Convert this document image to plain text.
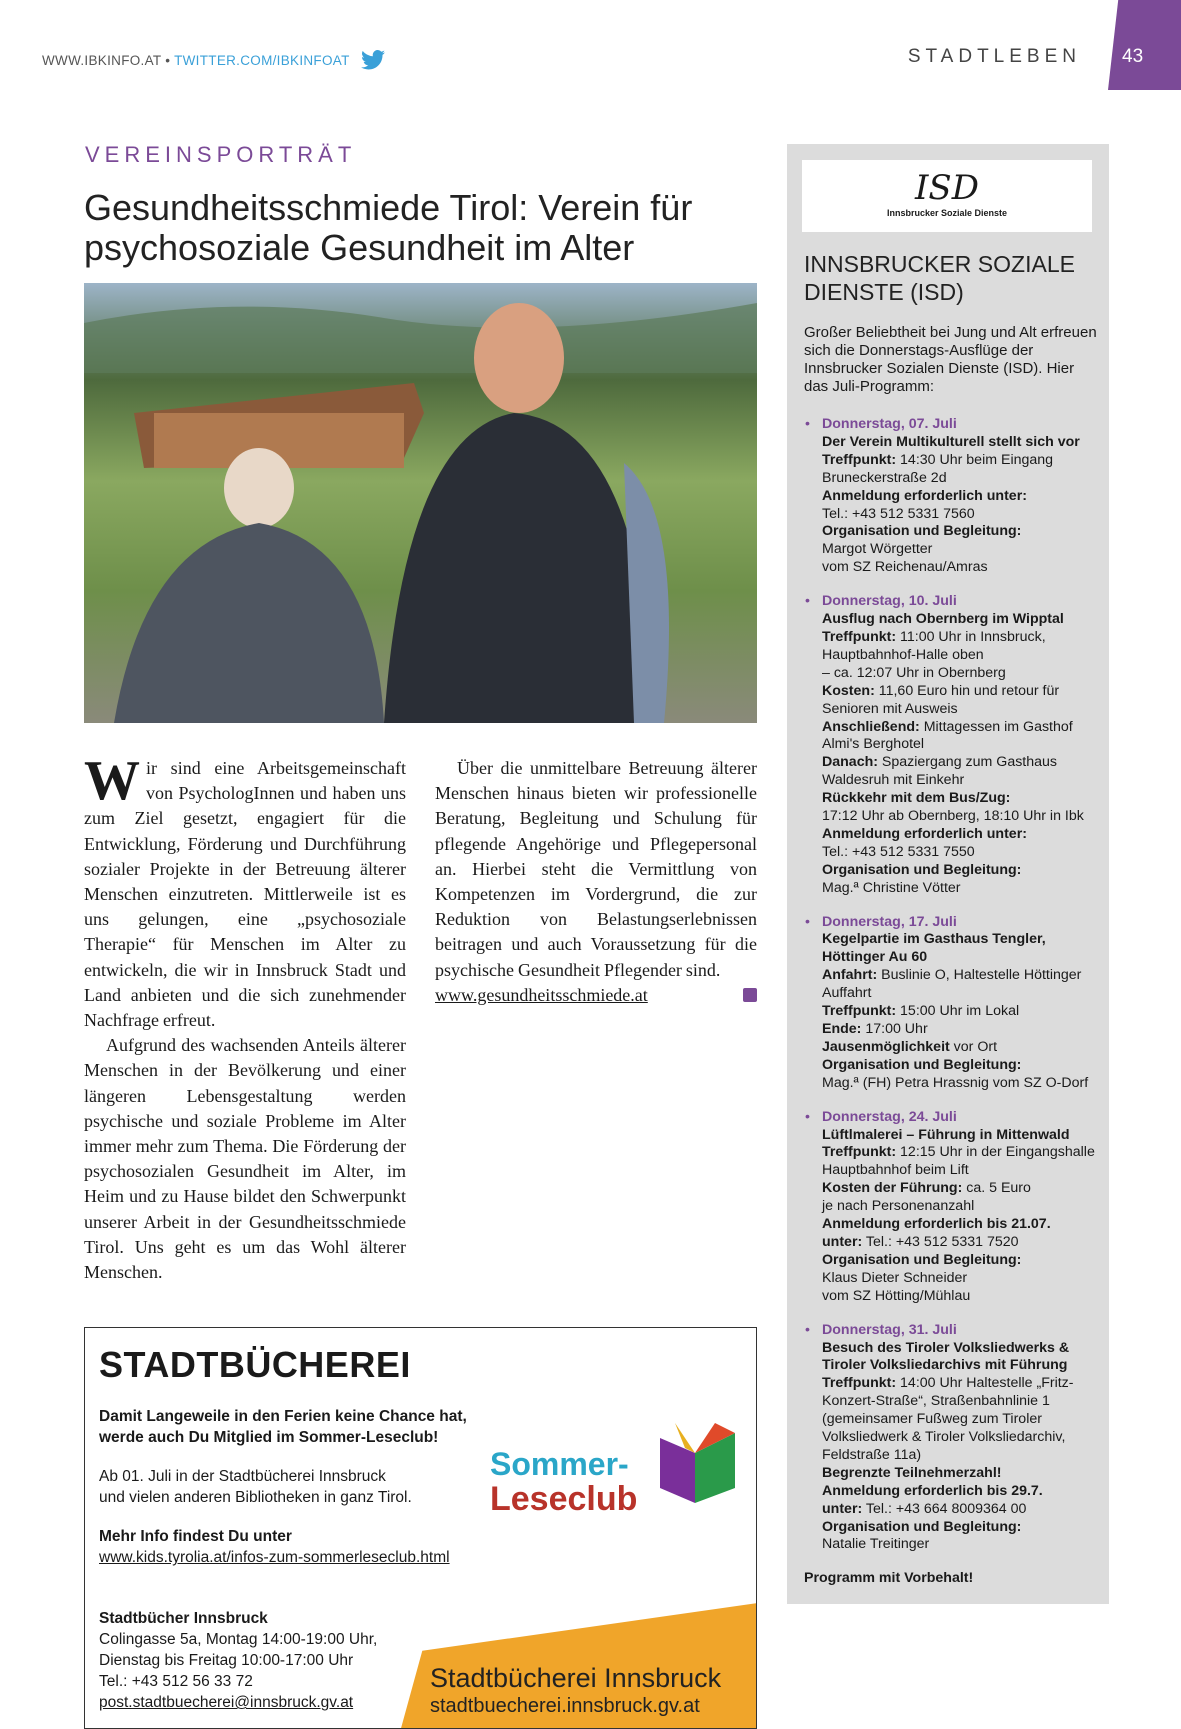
WWW.IBKINFO.AT • TWITTER.COM/IBKINFOAT	STADTLEBEN 43
VEREINSPORTRÄT
Gesundheitsschmiede Tirol: Verein für psychosoziale Gesundheit im Alter

Wir sind eine Arbeitsgemeinschaft von PsychologInnen und haben uns zum Ziel gesetzt, engagiert für die Entwicklung, Förderung und Durchführung sozialer Projekte in der Betreuung älterer Menschen einzutreten. Mittlerweile ist es uns gelungen, eine „psychosoziale Therapie“ für Menschen im Alter zu entwickeln, die wir in Innsbruck Stadt und Land anbieten und die sich zunehmender Nachfrage erfreut.

Aufgrund des wachsenden Anteils älterer Menschen in der Bevölkerung und einer längeren Lebensgestaltung werden psychische und soziale Probleme im Alter immer mehr zum Thema. Die Förderung der psychosozialen Gesundheit im Alter, im Heim und zu Hause bildet den Schwerpunkt unserer Arbeit in der Gesundheitsschmiede Tirol. Uns geht es um das Wohl älterer Menschen.

Über die unmittelbare Betreuung älterer Menschen hinaus bieten wir professionelle Beratung, Begleitung und Schulung für pflegende Angehörige und Pflegepersonal an. Hierbei steht die Vermittlung von Kompetenzen im Vordergrund, die zur Reduktion von Belastungserlebnissen beitragen und auch Voraussetzung für die psychische Gesundheit Pflegender sind.

www.gesundheitsschmiede.at

STADTBÜCHEREI
Damit Langeweile in den Ferien keine Chance hat,
werde auch Du Mitglied im Sommer-Leseclub!
Ab 01. Juli in der Stadtbücherei Innsbruck
und vielen anderen Bibliotheken in ganz Tirol.
Mehr Info findest Du unter
www.kids.tyrolia.at/infos-zum-sommerleseclub.html
Stadtbücher Innsbruck
Colingasse 5a, Montag 14:00-19:00 Uhr,
Dienstag bis Freitag 10:00-17:00 Uhr
Tel.: +43 512 56 33 72
post.stadtbuecherei@innsbruck.gv.at
Sommer-
Leseclub
Stadtbücherei Innsbruck
stadtbuecherei.innsbruck.gv.at
ISD
Innsbrucker Soziale Dienste
INNSBRUCKER SOZIALE DIENSTE (ISD)
Großer Beliebtheit bei Jung und Alt erfreuen sich die Donnerstags-Ausflüge der Innsbrucker Sozialen Dienste (ISD). Hier das Juli-Programm:
• Donnerstag, 07. Juli
Der Verein Multikulturell stellt sich vor
Treffpunkt: 14:30 Uhr beim Eingang Bruneckerstraße 2d
Anmeldung erforderlich unter:
Tel.: +43 512 5331 7560
Organisation und Begleitung:
Margot Wörgetter
vom SZ Reichenau/Amras
• Donnerstag, 10. Juli
Ausflug nach Obernberg im Wipptal
Treffpunkt: 11:00 Uhr in Innsbruck, Hauptbahnhof-Halle oben
– ca. 12:07 Uhr in Obernberg
Kosten: 11,60 Euro hin und retour für Senioren mit Ausweis
Anschließend: Mittagessen im Gasthof Almi's Berghotel
Danach: Spaziergang zum Gasthaus Waldesruh mit Einkehr
Rückkehr mit dem Bus/Zug:
17:12 Uhr ab Obernberg, 18:10 Uhr in Ibk
Anmeldung erforderlich unter:
Tel.: +43 512 5331 7550
Organisation und Begleitung:
Mag.ª Christine Vötter
• Donnerstag, 17. Juli
Kegelpartie im Gasthaus Tengler, Höttinger Au 60
Anfahrt: Buslinie O, Haltestelle Höttinger Auffahrt
Treffpunkt: 15:00 Uhr im Lokal
Ende: 17:00 Uhr
Jausenmöglichkeit vor Ort
Organisation und Begleitung:
Mag.ª (FH) Petra Hrassnig vom SZ O-Dorf
• Donnerstag, 24. Juli
Lüftlmalerei – Führung in Mittenwald
Treffpunkt: 12:15 Uhr in der Eingangshalle Hauptbahnhof beim Lift
Kosten der Führung: ca. 5 Euro
je nach Personenanzahl
Anmeldung erforderlich bis 21.07.
unter: Tel.: +43 512 5331 7520
Organisation und Begleitung:
Klaus Dieter Schneider
vom SZ Hötting/Mühlau
• Donnerstag, 31. Juli
Besuch des Tiroler Volksliedwerks & Tiroler Volksliedarchivs mit Führung
Treffpunkt: 14:00 Uhr Haltestelle „Fritz-Konzert-Straße“, Straßenbahnlinie 1 (gemeinsamer Fußweg zum Tiroler Volksliedwerk & Tiroler Volksliedarchiv, Feldstraße 11a)
Begrenzte Teilnehmerzahl!
Anmeldung erforderlich bis 29.7.
unter: Tel.: +43 664 8009364 00
Organisation und Begleitung:
Natalie Treitinger
Programm mit Vorbehalt!
